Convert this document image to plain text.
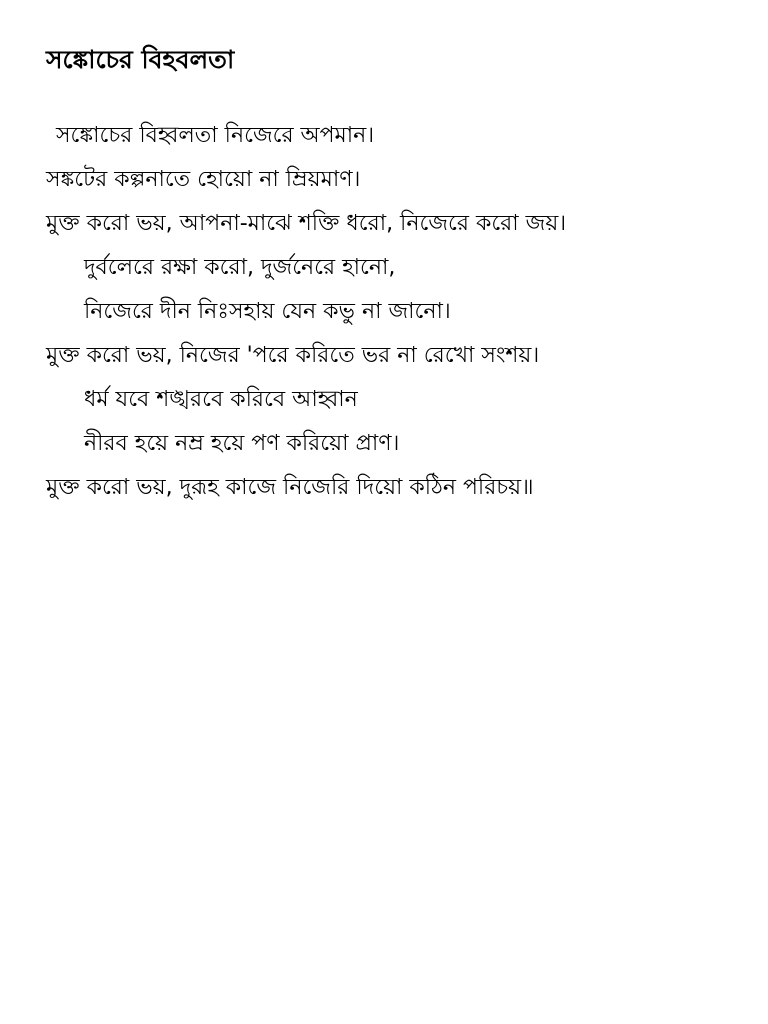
সঙ্কোচের বিহবলতা
সঙ্কোচের বিহ্বলতা নিজেরে অপমান।
সঙ্কটের কল্পনাতে হোয়ো না ম্রিয়মাণ।
মুক্ত করো ভয়, আপনা-মাঝে শক্তি ধরো, নিজেরে করো জয়।
দুর্বলেরে রক্ষা করো, দুর্জনেরে হানো,
নিজেরে দীন নিঃসহায় যেন কভু না জানো।
মুক্ত করো ভয়, নিজের 'পরে করিতে ভর না রেখো সংশয়।
ধর্ম যবে শঙ্খরবে করিবে আহ্বান
নীরব হয়ে নম্র হয়ে পণ করিয়ো প্রাণ।
মুক্ত করো ভয়, দুরূহ কাজে নিজেরি দিয়ো কঠিন পরিচয়॥
